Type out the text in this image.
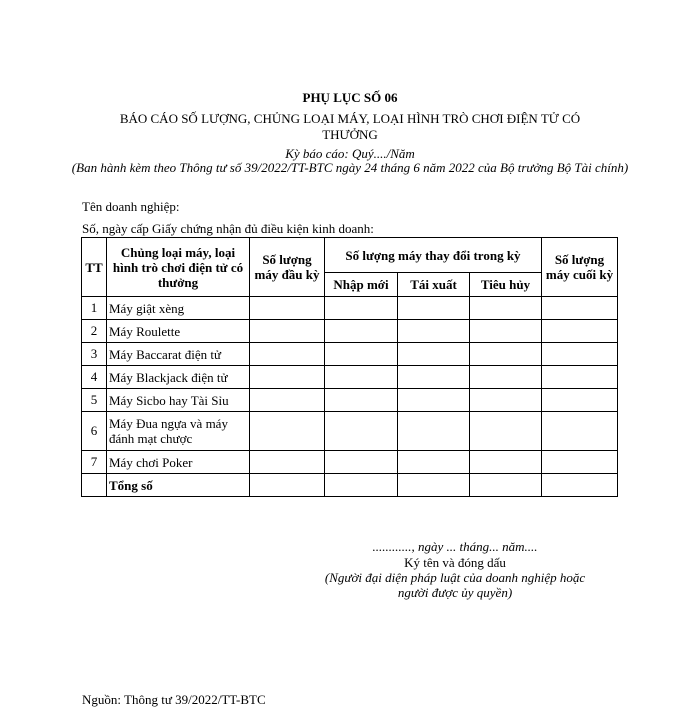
PHỤ LỤC SỐ 06
BÁO CÁO SỐ LƯỢNG, CHỦNG LOẠI MÁY, LOẠI HÌNH TRÒ CHƠI ĐIỆN TỬ CÓ THƯỞNG
Kỳ báo cáo: Quý..../Năm
(Ban hành kèm theo Thông tư số 39/2022/TT-BTC ngày 24 tháng 6 năm 2022 của Bộ trưởng Bộ Tài chính)
Tên doanh nghiệp:
Số, ngày cấp Giấy chứng nhận đủ điều kiện kinh doanh:
TT	Chủng loại máy, loại hình trò chơi điện tử có thưởng	Số lượng máy đầu kỳ	Số lượng máy thay đổi trong kỳ			Số lượng máy cuối kỳ
			Nhập mới	Tái xuất	Tiêu hủy	
1	Máy giật xèng					
2	Máy Roulette					
3	Máy Baccarat điện tử					
4	Máy Blackjack điện tử					
5	Máy Sicbo hay Tài Sỉu					
6	Máy Đua ngựa và máy đánh mạt chược					
7	Máy chơi Poker					
	Tổng số					
............, ngày ... tháng... năm....
Ký tên và đóng dấu
(Người đại diện pháp luật của doanh nghiệp hoặc người được ủy quyền)
Nguồn: Thông tư 39/2022/TT-BTC
